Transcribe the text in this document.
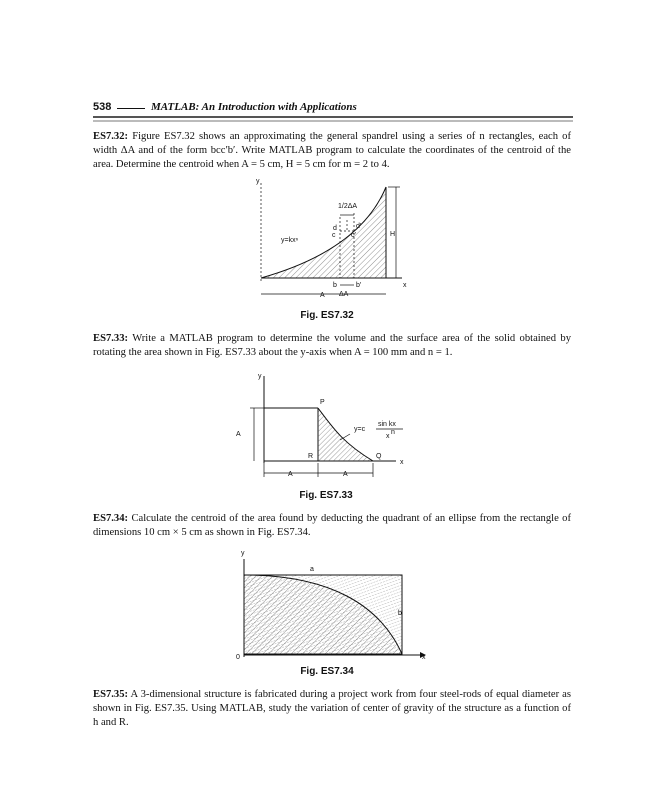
538	MATLAB: An Introduction with Applications

ES7.32: Figure ES7.32 shows an approximating the general spandrel using a series of n rectangles, each of width ΔA and of the form bcc′b′. Write MATLAB program to calculate the coordinates of the centroid of the area. Determine the centroid when A = 5 cm, H = 5 cm for m = 2 to 4.

y
x
1/2ΔA
d	d′
c c′
y=kxⁿ
H
b	b′
A ΔA

Fig. ES7.32

ES7.33: Write a MATLAB program to determine the volume and the surface area of the solid obtained by rotating the area shown in Fig. ES7.33 about the y-axis when A = 100 mm and n = 1.

y
x
P
R	Q
y=c
sin kx
x
n
A
A	A

Fig. ES7.33

ES7.34: Calculate the centroid of the area found by deducting the quadrant of an ellipse from the rectangle of dimensions 10 cm × 5 cm as shown in Fig. ES7.34.

y
x
0
a
b

Fig. ES7.34

ES7.35: A 3-dimensional structure is fabricated during a project work from four steel-rods of equal diameter as shown in Fig. ES7.35. Using MATLAB, study the variation of center of gravity of the structure as a function of h and R.
